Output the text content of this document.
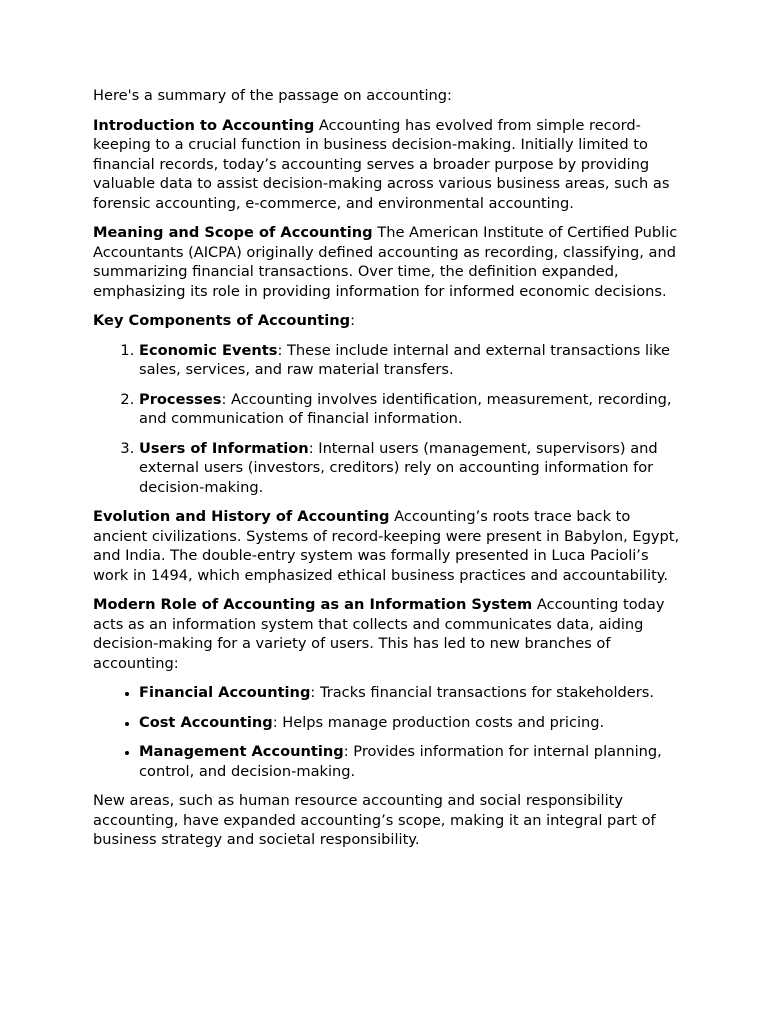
Here's a summary of the passage on accounting:

Introduction to Accounting Accounting has evolved from simple record-keeping to a crucial function in business decision-making. Initially limited to financial records, today’s accounting serves a broader purpose by providing valuable data to assist decision-making across various business areas, such as forensic accounting, e-commerce, and environmental accounting.

Meaning and Scope of Accounting The American Institute of Certified Public Accountants (AICPA) originally defined accounting as recording, classifying, and summarizing financial transactions. Over time, the definition expanded, emphasizing its role in providing information for informed economic decisions.

Key Components of Accounting:

1. Economic Events: These include internal and external transactions like sales, services, and raw material transfers.
2. Processes: Accounting involves identification, measurement, recording, and communication of financial information.
3. Users of Information: Internal users (management, supervisors) and external users (investors, creditors) rely on accounting information for decision-making.

Evolution and History of Accounting Accounting’s roots trace back to ancient civilizations. Systems of record-keeping were present in Babylon, Egypt, and India. The double-entry system was formally presented in Luca Pacioli’s work in 1494, which emphasized ethical business practices and accountability.

Modern Role of Accounting as an Information System Accounting today acts as an information system that collects and communicates data, aiding decision-making for a variety of users. This has led to new branches of accounting:

• Financial Accounting: Tracks financial transactions for stakeholders.
• Cost Accounting: Helps manage production costs and pricing.
• Management Accounting: Provides information for internal planning, control, and decision-making.

New areas, such as human resource accounting and social responsibility accounting, have expanded accounting’s scope, making it an integral part of business strategy and societal responsibility.
